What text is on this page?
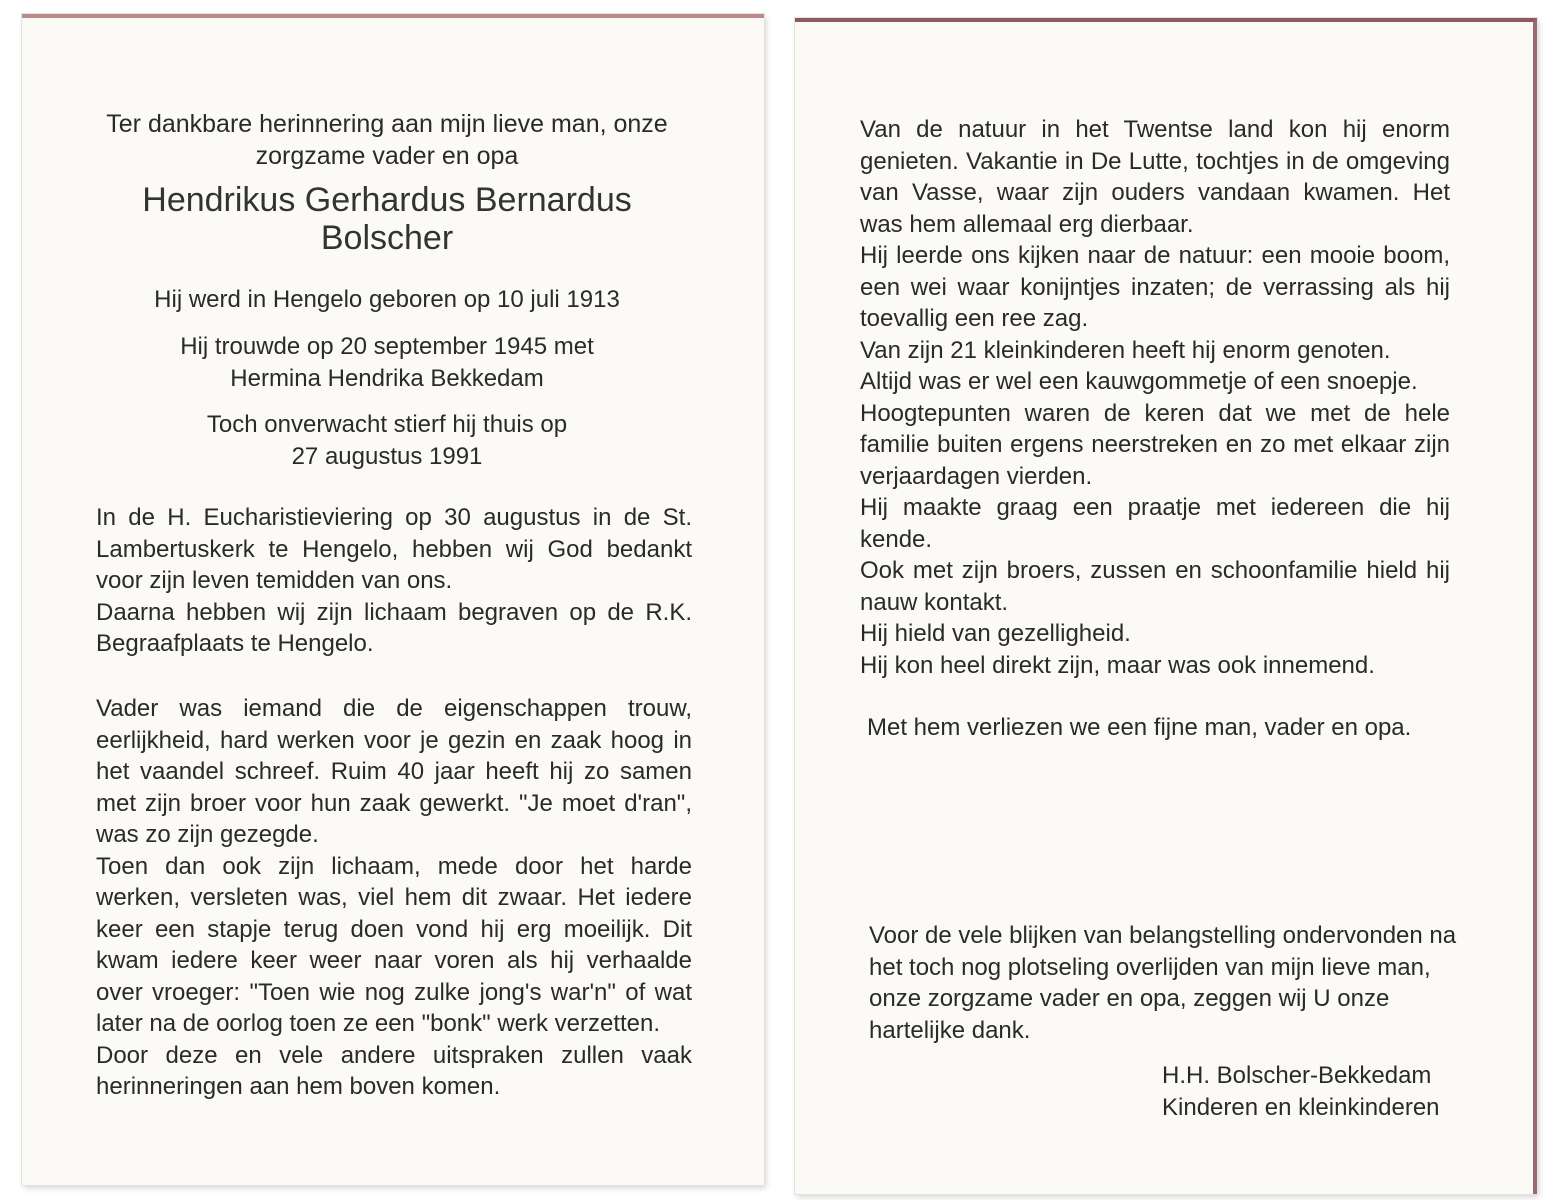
Ter dankbare herinnering aan mijn lieve man, onze
zorgzame vader en opa
Hendrikus Gerhardus Bernardus
Bolscher
Hij werd in Hengelo geboren op 10 juli 1913
Hij trouwde op 20 september 1945 met
Hermina Hendrika Bekkedam
Toch onverwacht stierf hij thuis op
27 augustus 1991

In de H. Eucharistieviering op 30 augustus in de St. Lambertuskerk te Hengelo, hebben wij God bedankt voor zijn leven temidden van ons.

Daarna hebben wij zijn lichaam begraven op de R.K. Begraafplaats te Hengelo.

Vader was iemand die de eigenschappen trouw, eerlijkheid, hard werken voor je gezin en zaak hoog in het vaandel schreef. Ruim 40 jaar heeft hij zo samen met zijn broer voor hun zaak gewerkt. "Je moet d'ran", was zo zijn gezegde.

Toen dan ook zijn lichaam, mede door het harde werken, versleten was, viel hem dit zwaar. Het iedere keer een stapje terug doen vond hij erg moeilijk. Dit kwam iedere keer weer naar voren als hij verhaalde over vroeger: "Toen wie nog zulke jong's war'n" of wat later na de oorlog toen ze een "bonk" werk verzetten.

Door deze en vele andere uitspraken zullen vaak herinneringen aan hem boven komen.

Van de natuur in het Twentse land kon hij enorm genieten. Vakantie in De Lutte, tochtjes in de omgeving van Vasse, waar zijn ouders vandaan kwamen. Het was hem allemaal erg dierbaar.

Hij leerde ons kijken naar de natuur: een mooie boom, een wei waar konijntjes inzaten; de verrassing als hij toevallig een ree zag.

Van zijn 21 kleinkinderen heeft hij enorm genoten.

Altijd was er wel een kauwgommetje of een snoepje.

Hoogtepunten waren de keren dat we met de hele familie buiten ergens neerstreken en zo met elkaar zijn verjaardagen vierden.

Hij maakte graag een praatje met iedereen die hij kende.

Ook met zijn broers, zussen en schoonfamilie hield hij nauw kontakt.

Hij hield van gezelligheid.

Hij kon heel direkt zijn, maar was ook innemend.

Met hem verliezen we een fijne man, vader en opa.
Voor de vele blijken van belangstelling ondervonden na het toch nog plotseling overlijden van mijn lieve man, onze zorgzame vader en opa, zeggen wij U onze hartelijke dank.
H.H. Bolscher-Bekkedam
Kinderen en kleinkinderen
